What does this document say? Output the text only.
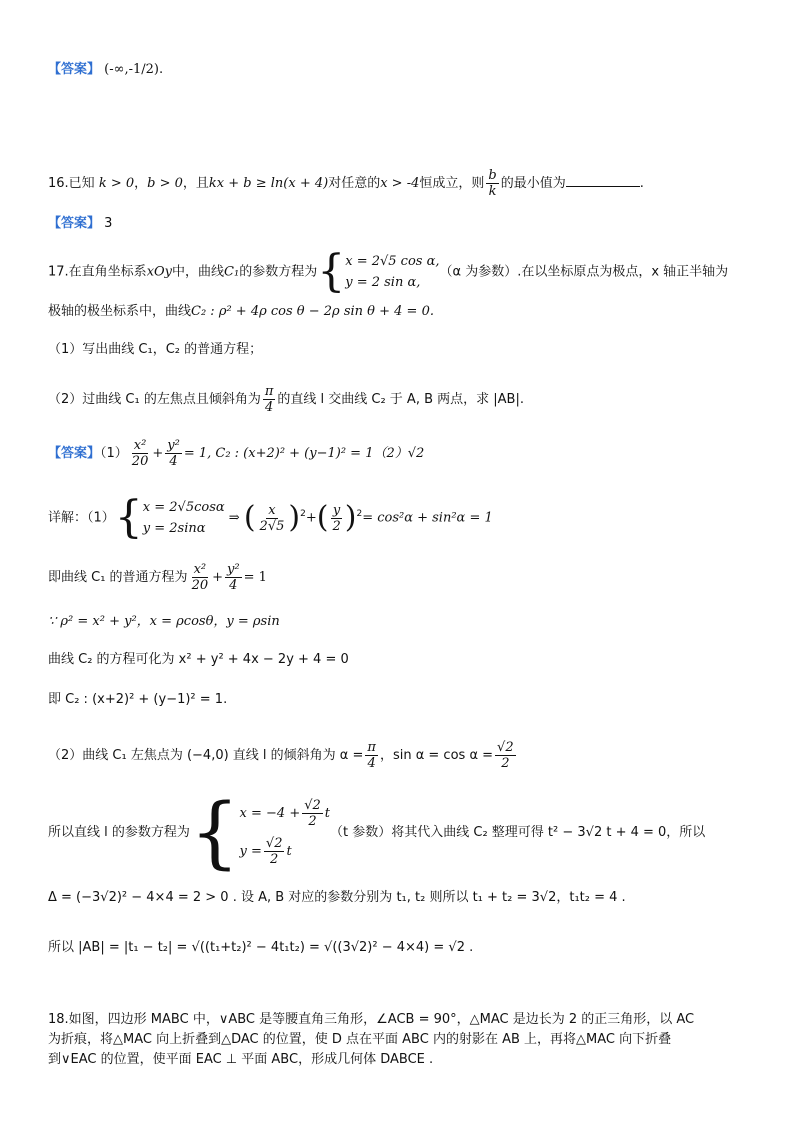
【答案】 (-∞,-1/2).
16.已知 k > 0，b > 0，且kx + b ≥ ln(x + 4)对任意的x > -4恒成立，则 $\frac{b}{k}$ 的最小值为	.
【答案】 3
17.在直角坐标系xOy中，曲线C₁的参数方程为{ x = 2√5 cos α,
y = 2 sin α,
（α 为参数）.在以坐标原点为极点，x 轴正半轴为
极轴的极坐标系中，曲线C₂ : ρ² + 4ρ cos θ − 2ρ sin θ + 4 = 0.
（1）写出曲线 C₁，C₂ 的普通方程；
（2）过曲线 C₁ 的左焦点且倾斜角为 $\frac{\pi}{4}$ 的直线 l 交曲线 C₂ 于 A, B 两点，求 |AB|.
【答案】$(1) \frac{\text{x²}}{20} + \frac{\text{y²}}{4} = 1$, C₂ : (x+2)² + (y−1)² = 1（2）√2
详解：（1）{ x = 2√5cosα
y = 2sinα
⇒ ( $\frac{x}{2√5} )^2+( \frac{y}{2} )^2= \cos^2\alpha + \sin^2\alpha = 1$
即曲线 C₁ 的普通方程为 $\frac{\text{x²}}{20} + \frac{\text{y²}}{4} = 1$
∵ ρ² = x² + y²，x = ρcosθ，y = ρsin
曲线 C₂ 的方程可化为 x² + y² + 4x − 2y + 4 = 0
即 C₂ : (x+2)² + (y−1)² = 1.
（2）曲线 C₁ 左焦点为 (−4,0) 直线 l 的倾斜角为 $\alpha = \frac{\pi}{4}$ ，$\sin \alpha = \cos \alpha = \frac{√2}{2}$
所以直线 l 的参数方程为{ $x = -4 + \frac{√2}{2}$ t
$y = \frac{√2}{2}$ t
（t 参数）将其代入曲线 C₂ 整理可得 t² − 3√2 t + 4 = 0，所以
Δ = (−3√2)² − 4×4 = 2 > 0 . 设 A, B 对应的参数分别为 t₁, t₂ 则所以 t₁ + t₂ = 3√2，t₁t₂ = 4 .
所以 |AB| = |t₁ − t₂| = √((t₁+t₂)² − 4t₁t₂) = √((3√2)² − 4×4) = √2 .
18.如图，四边形 MABC 中，∨ABC 是等腰直角三角形，∠ACB = 90°，△MAC 是边长为 2 的正三角形，以 AC
为折痕，将△MAC 向上折叠到△DAC 的位置，使 D 点在平面 ABC 内的射影在 AB 上，再将△MAC 向下折叠
到∨EAC 的位置，使平面 EAC ⊥ 平面 ABC，形成几何体 DABCE .
